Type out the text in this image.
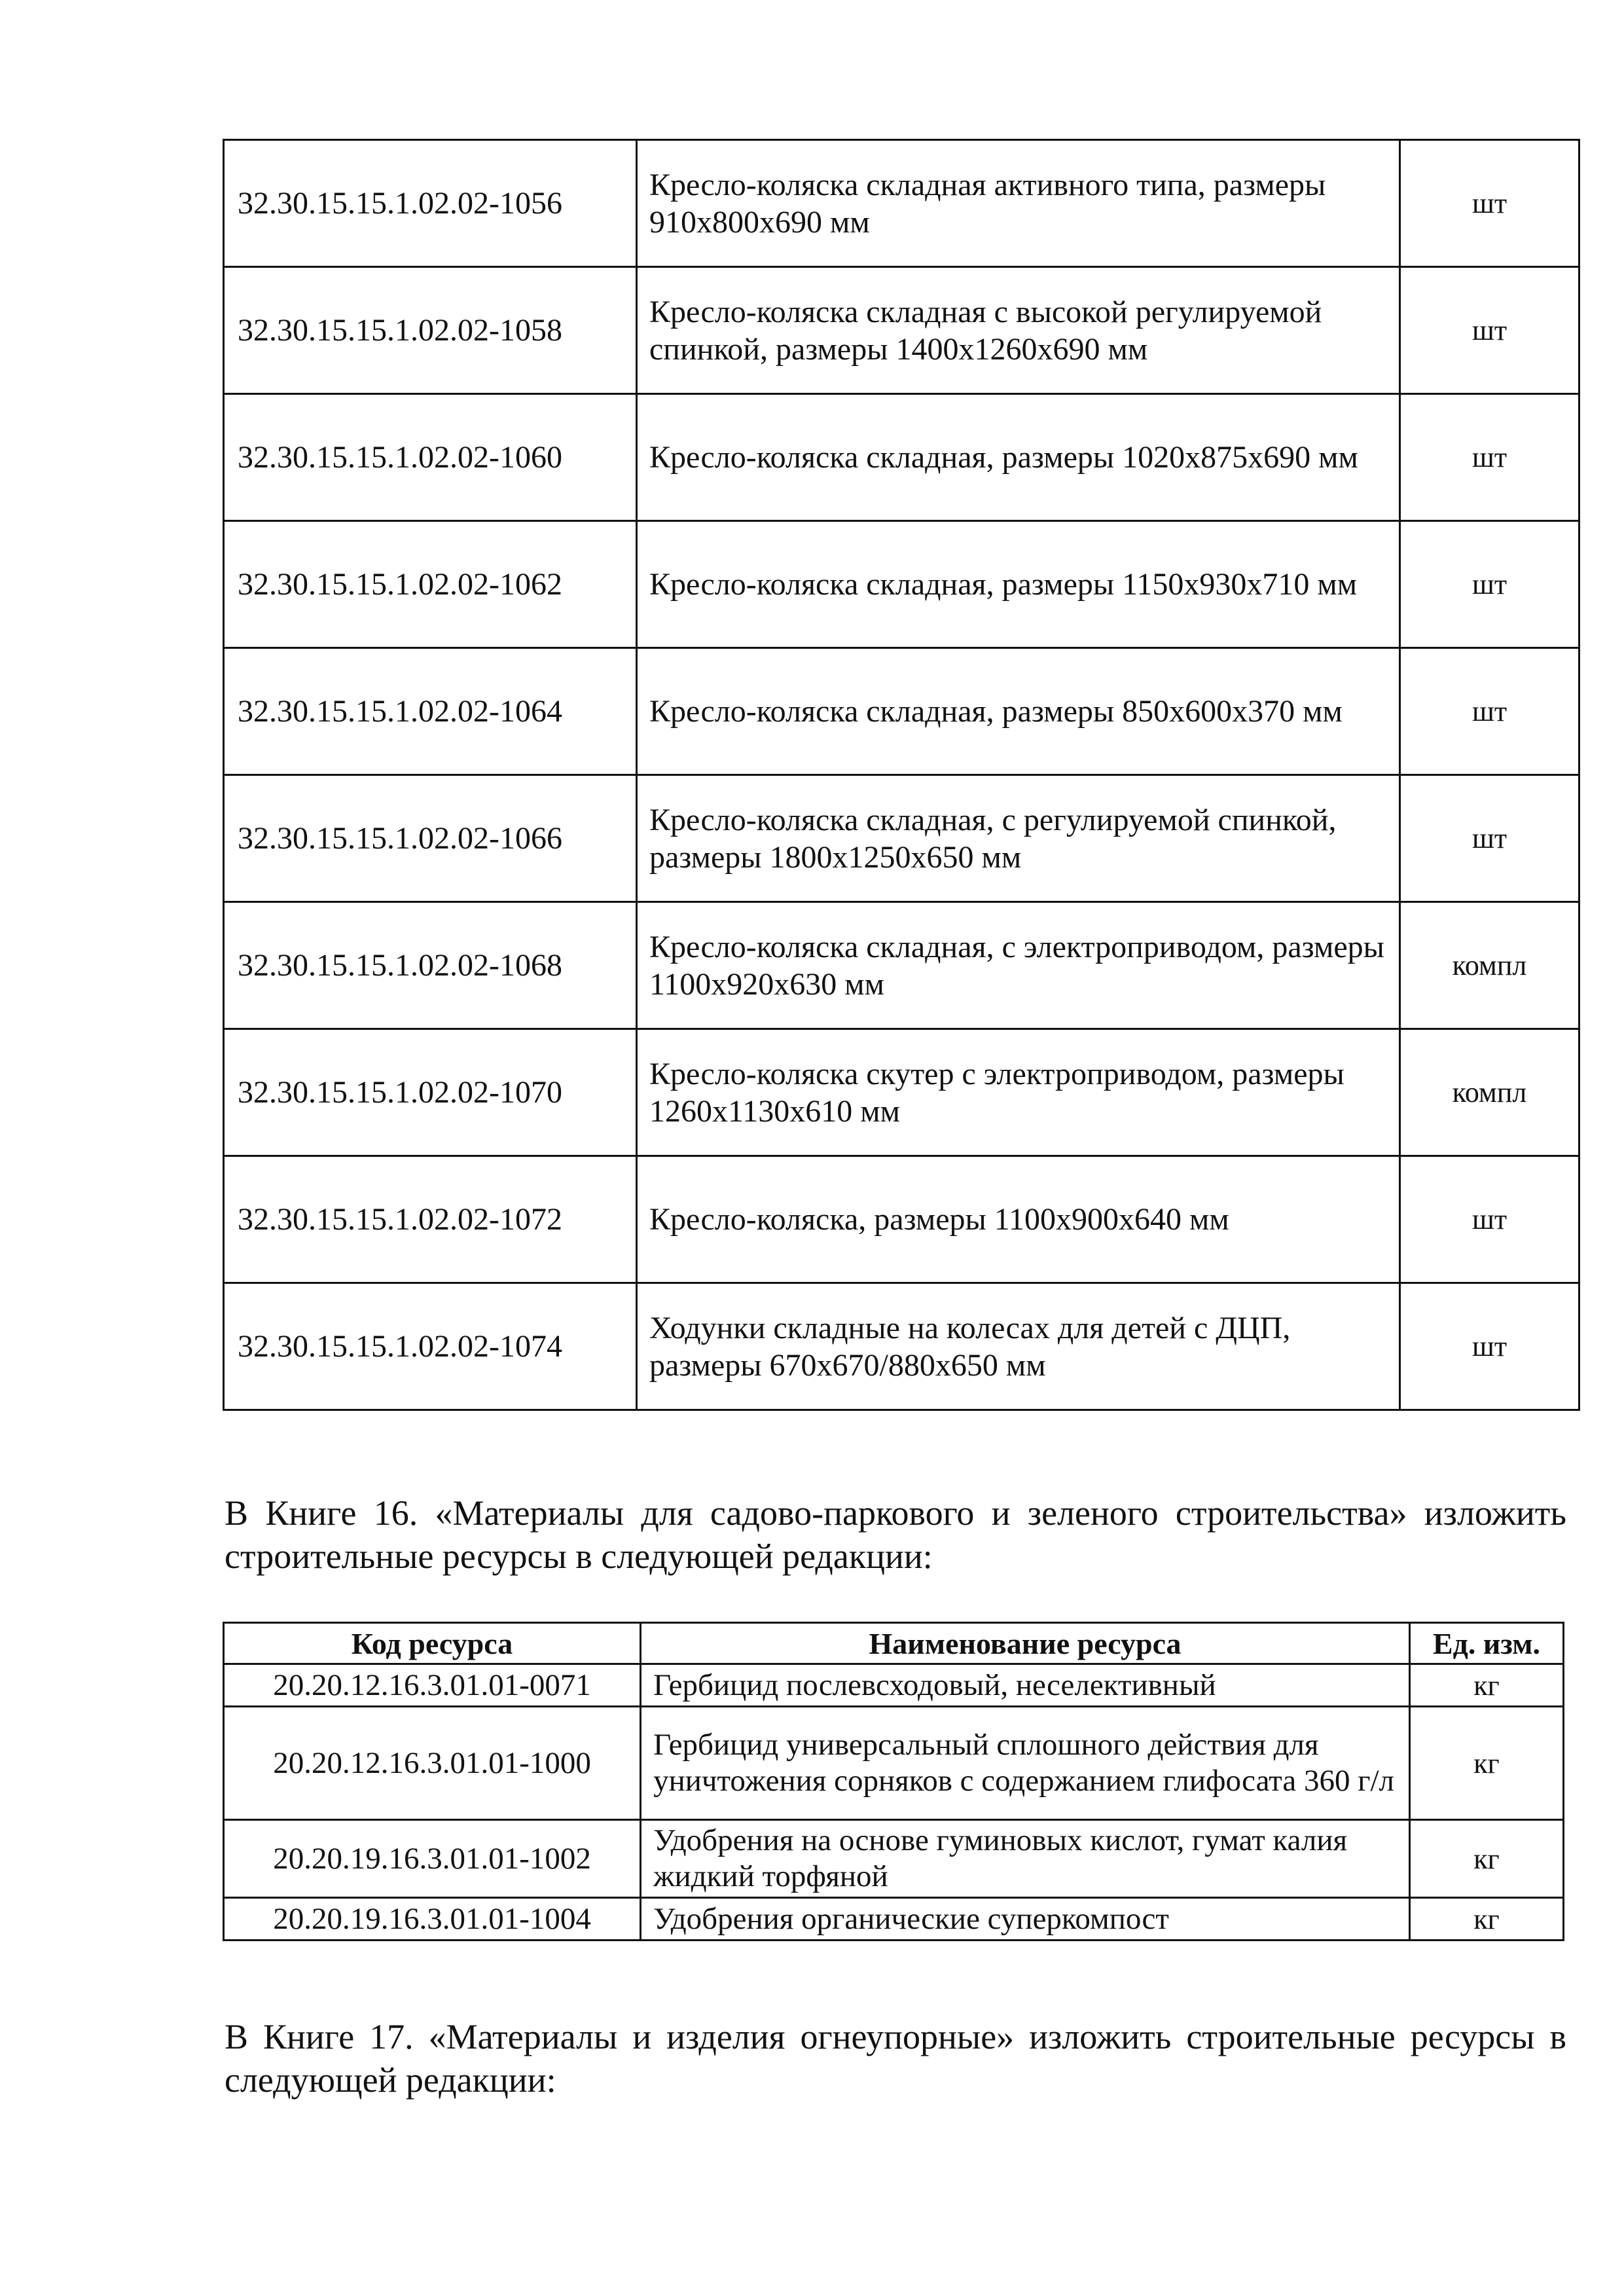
32.30.15.15.1.02.02-1056	Кресло-коляска складная активного типа, размеры 910х800х690 мм	шт
32.30.15.15.1.02.02-1058	Кресло-коляска складная с высокой регулируемой спинкой, размеры 1400х1260х690 мм	шт
32.30.15.15.1.02.02-1060	Кресло-коляска складная, размеры 1020х875х690 мм	шт
32.30.15.15.1.02.02-1062	Кресло-коляска складная, размеры 1150х930х710 мм	шт
32.30.15.15.1.02.02-1064	Кресло-коляска складная, размеры 850х600х370 мм	шт
32.30.15.15.1.02.02-1066	Кресло-коляска складная, с регулируемой спинкой, размеры 1800х1250х650 мм	шт
32.30.15.15.1.02.02-1068	Кресло-коляска складная, с электроприводом, размеры 1100х920х630 мм	компл
32.30.15.15.1.02.02-1070	Кресло-коляска скутер с электроприводом, размеры 1260х1130х610 мм	компл
32.30.15.15.1.02.02-1072	Кресло-коляска, размеры 1100х900х640 мм	шт
32.30.15.15.1.02.02-1074	Ходунки складные на колесах для детей с ДЦП, размеры 670х670/880х650 мм	шт

В Книге 16. «Материалы для садово-паркового и зеленого строительства» изложить строительные ресурсы в следующей редакции:

Код ресурса	Наименование ресурса	Ед. изм.
20.20.12.16.3.01.01-0071	Гербицид послевсходовый, неселективный	кг
20.20.12.16.3.01.01-1000	Гербицид универсальный сплошного действия для уничтожения сорняков с содержанием глифосата 360 г/л	кг
20.20.19.16.3.01.01-1002	Удобрения на основе гуминовых кислот, гумат калия жидкий торфяной	кг
20.20.19.16.3.01.01-1004	Удобрения органические суперкомпост	кг

В Книге 17. «Материалы и изделия огнеупорные» изложить строительные ресурсы в следующей редакции:
